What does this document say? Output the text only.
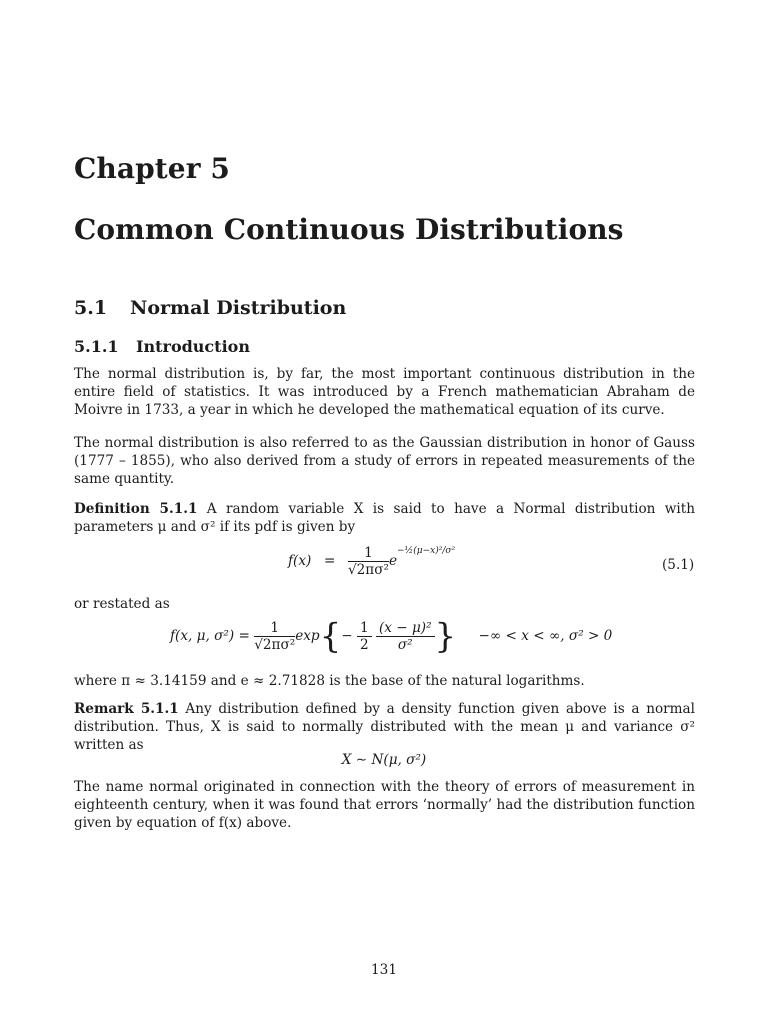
Chapter 5
Common Continuous Distributions
5.1 Normal Distribution
5.1.1 Introduction
The normal distribution is, by far, the most important continuous distribution in the entire field of statistics. It was introduced by a French mathematician Abraham de Moivre in 1733, a year in which he developed the mathematical equation of its curve.
The normal distribution is also referred to as the Gaussian distribution in honor of Gauss (1777 – 1855), who also derived from a study of errors in repeated measurements of the same quantity.
Definition 5.1.1 A random variable X is said to have a Normal distribution with parameters μ and σ² if its pdf is given by
$f(x) = \frac{1}{\text{√2πσ²}} e^{-\frac{1}{2}(\mu-x)^2/\sigma^2}$
(5.1)
or restated as
f(x, μ, $\sigma^2) = \frac{1}{\text{√2πσ²}} \exp\{- \frac{1}{2}$
$\frac{\text{(x − μ)²}}{\text{σ²}}$ } −∞ < x < ∞, σ² > 0
where π ≈ 3.14159 and e ≈ 2.71828 is the base of the natural logarithms.
Remark 5.1.1 Any distribution defined by a density function given above is a normal distribution. Thus, X is said to normally distributed with the mean μ and variance σ² written as
X ∼ N(μ, σ²)
The name normal originated in connection with the theory of errors of measurement in eighteenth century, when it was found that errors ‘normally’ had the distribution function given by equation of f(x) above.
131
